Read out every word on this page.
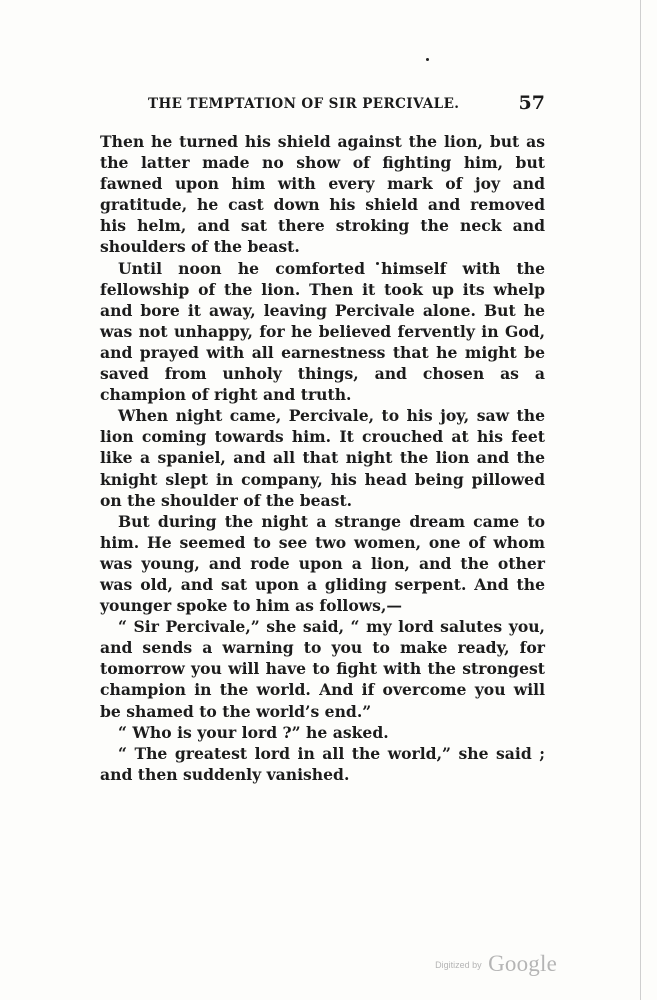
THE TEMPTATION OF SIR PERCIVALE.	57

Then he turned his shield against the lion, but as the latter made no show of fighting him, but fawned upon him with every mark of joy and gratitude, he cast down his shield and removed his helm, and sat there stroking the neck and shoulders of the beast.

Until noon he comforted himself with the fellowship of the lion. Then it took up its whelp and bore it away, leaving Percivale alone. But he was not unhappy, for he believed fervently in God, and prayed with all earnestness that he might be saved from unholy things, and chosen as a champion of right and truth.

When night came, Percivale, to his joy, saw the lion coming towards him. It crouched at his feet like a spaniel, and all that night the lion and the knight slept in company, his head being pillowed on the shoulder of the beast.

But during the night a strange dream came to him. He seemed to see two women, one of whom was young, and rode upon a lion, and the other was old, and sat upon a gliding serpent. And the younger spoke to him as follows,—

“ Sir Percivale,” she said, “ my lord salutes you, and sends a warning to you to make ready, for tomorrow you will have to fight with the strongest champion in the world. And if overcome you will be shamed to the world’s end.”

“ Who is your lord ?” he asked.

“ The greatest lord in all the world,” she said ; and then suddenly vanished.

Digitized by Google
